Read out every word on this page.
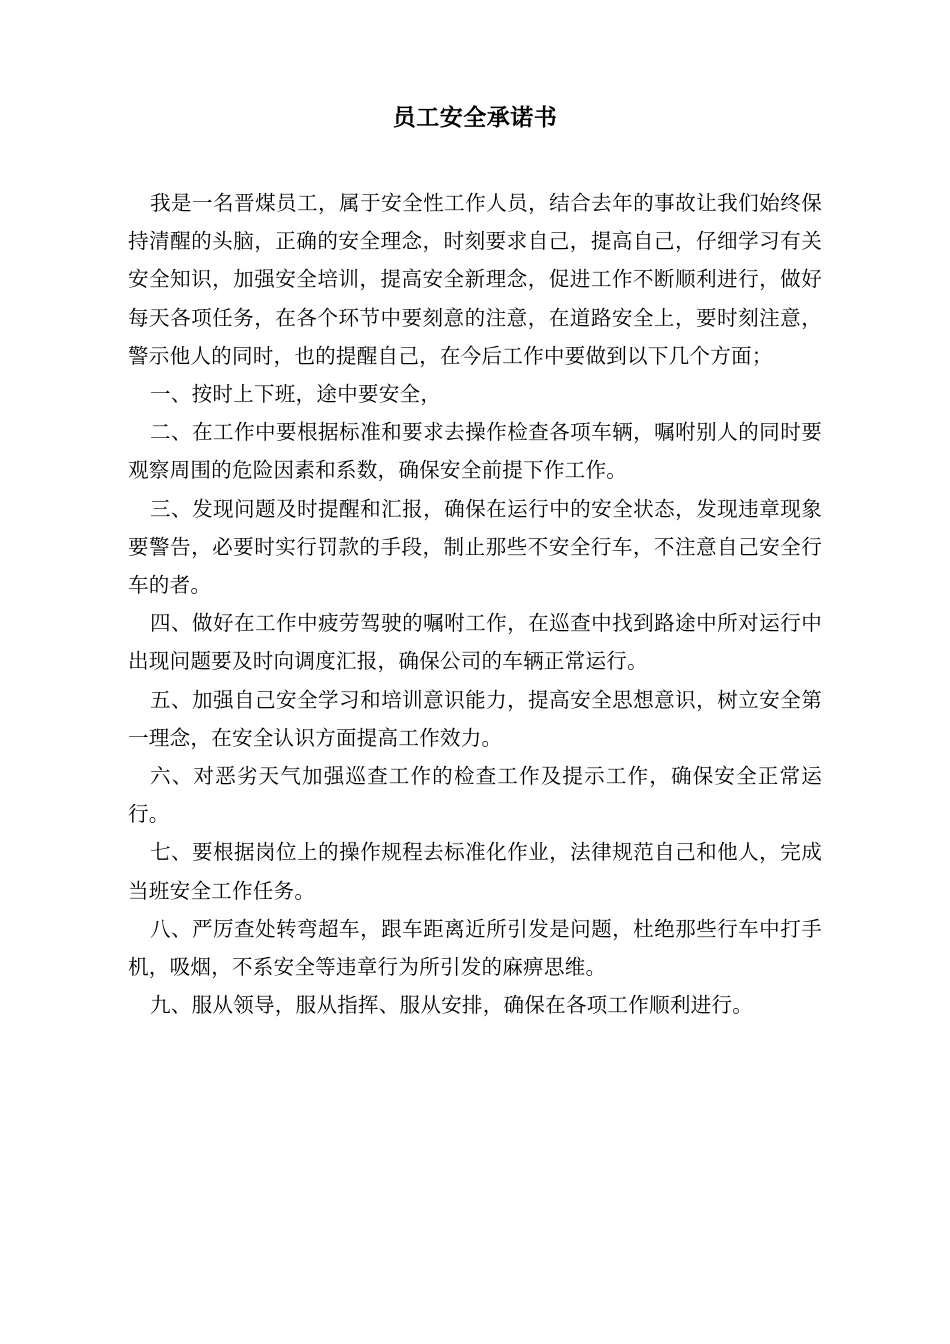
员工安全承诺书

我是一名晋煤员工，属于安全性工作人员，结合去年的事故让我们始终保持清醒的头脑，正确的安全理念，时刻要求自己，提高自己，仔细学习有关安全知识，加强安全培训，提高安全新理念，促进工作不断顺利进行，做好每天各项任务，在各个环节中要刻意的注意，在道路安全上，要时刻注意，警示他人的同时，也的提醒自己，在今后工作中要做到以下几个方面；

一、按时上下班，途中要安全，

二、在工作中要根据标准和要求去操作检查各项车辆，嘱咐别人的同时要观察周围的危险因素和系数，确保安全前提下作工作。

三、发现问题及时提醒和汇报，确保在运行中的安全状态，发现违章现象要警告，必要时实行罚款的手段，制止那些不安全行车，不注意自己安全行车的者。

四、做好在工作中疲劳驾驶的嘱咐工作，在巡查中找到路途中所对运行中出现问题要及时向调度汇报，确保公司的车辆正常运行。

五、加强自己安全学习和培训意识能力，提高安全思想意识，树立安全第一理念，在安全认识方面提高工作效力。

六、对恶劣天气加强巡查工作的检查工作及提示工作，确保安全正常运行。

七、要根据岗位上的操作规程去标准化作业，法律规范自己和他人，完成当班安全工作任务。

八、严厉查处转弯超车，跟车距离近所引发是问题，杜绝那些行车中打手机，吸烟，不系安全等违章行为所引发的麻痹思维。

九、服从领导，服从指挥、服从安排，确保在各项工作顺利进行。
